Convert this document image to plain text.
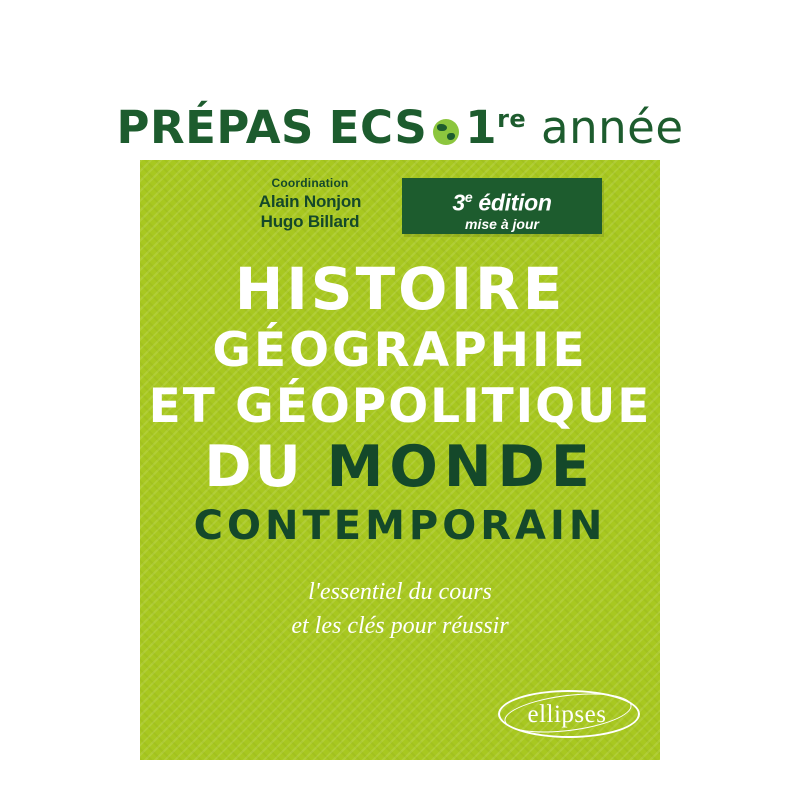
PRÉPAS ECS 1re année
Coordination
Alain Nonjon
Hugo Billard
3e édition
mise à jour
HISTOIRE
GÉOGRAPHIE
ET GÉOPOLITIQUE
DU MONDE
CONTEMPORAIN
l'essentiel du cours
et les clés pour réussir
ellipses
